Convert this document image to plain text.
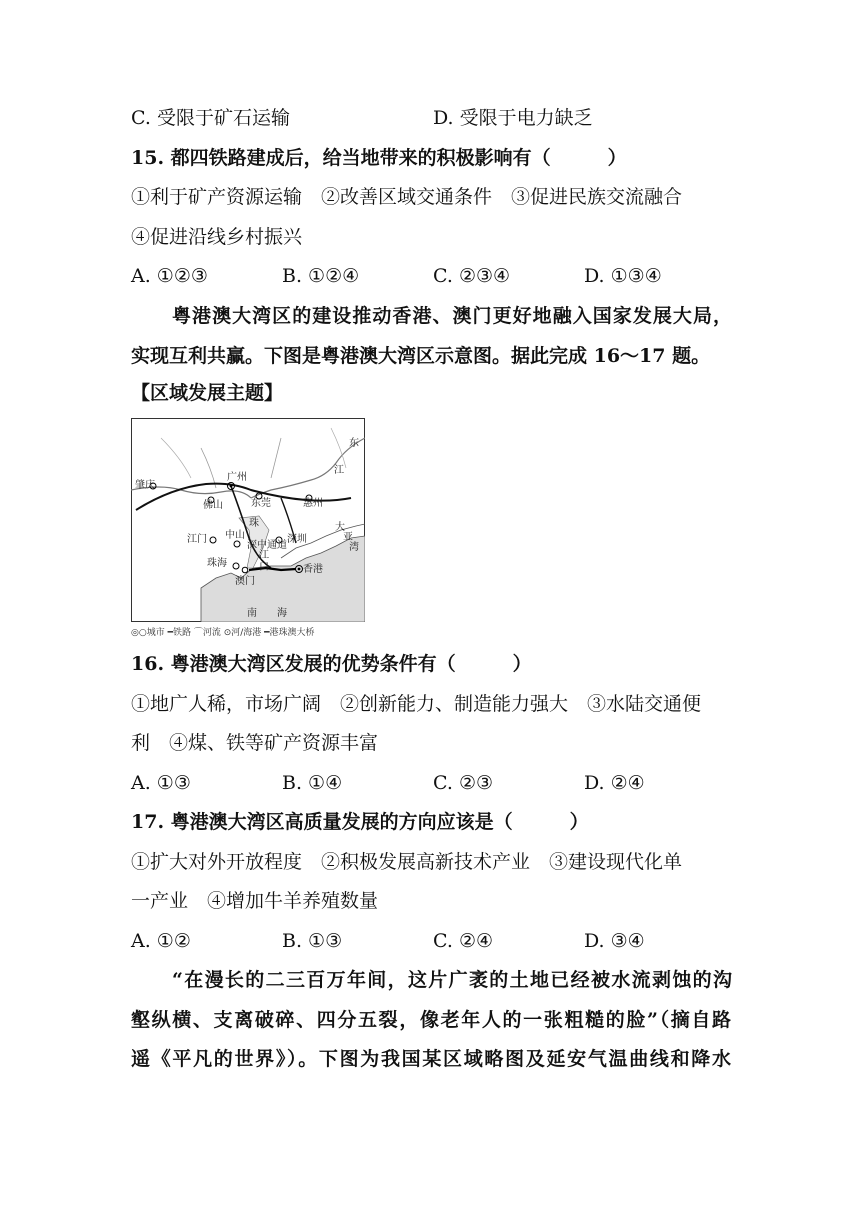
C. 受限于矿石运输	D. 受限于电力缺乏
15. 都四铁路建成后，给当地带来的积极影响有（　　　）
①利于矿产资源运输　②改善区域交通条件　③促进民族交流融合
④促进沿线乡村振兴
A. ①②③	B. ①②④	C. ②③④	D. ①③④
粤港澳大湾区的建设推动香港、澳门更好地融入国家发展大局，
实现互利共赢。下图是粤港澳大湾区示意图。据此完成 16～17 题。
【区域发展主题】
东
江
肇庆
广州
佛山	东莞	惠州
珠
江门 中山
深中通道
深圳
珠海
江
口
澳门
香港
南 海
大
亚
湾
◎○城市 ━铁路 ⌒河流 ⊙河/海港 ━港珠澳大桥
16. 粤港澳大湾区发展的优势条件有（　　　）
①地广人稀，市场广阔　②创新能力、制造能力强大　③水陆交通便
利　④煤、铁等矿产资源丰富
A. ①③	B. ①④	C. ②③	D. ②④
17. 粤港澳大湾区高质量发展的方向应该是（　　　）
①扩大对外开放程度　②积极发展高新技术产业　③建设现代化单
一产业　④增加牛羊养殖数量
A. ①②	B. ①③	C. ②④	D. ③④
“在漫长的二三百万年间，这片广袤的土地已经被水流剥蚀的沟
壑纵横、支离破碎、四分五裂，像老年人的一张粗糙的脸”（摘自路
遥《平凡的世界》）。下图为我国某区域略图及延安气温曲线和降水
